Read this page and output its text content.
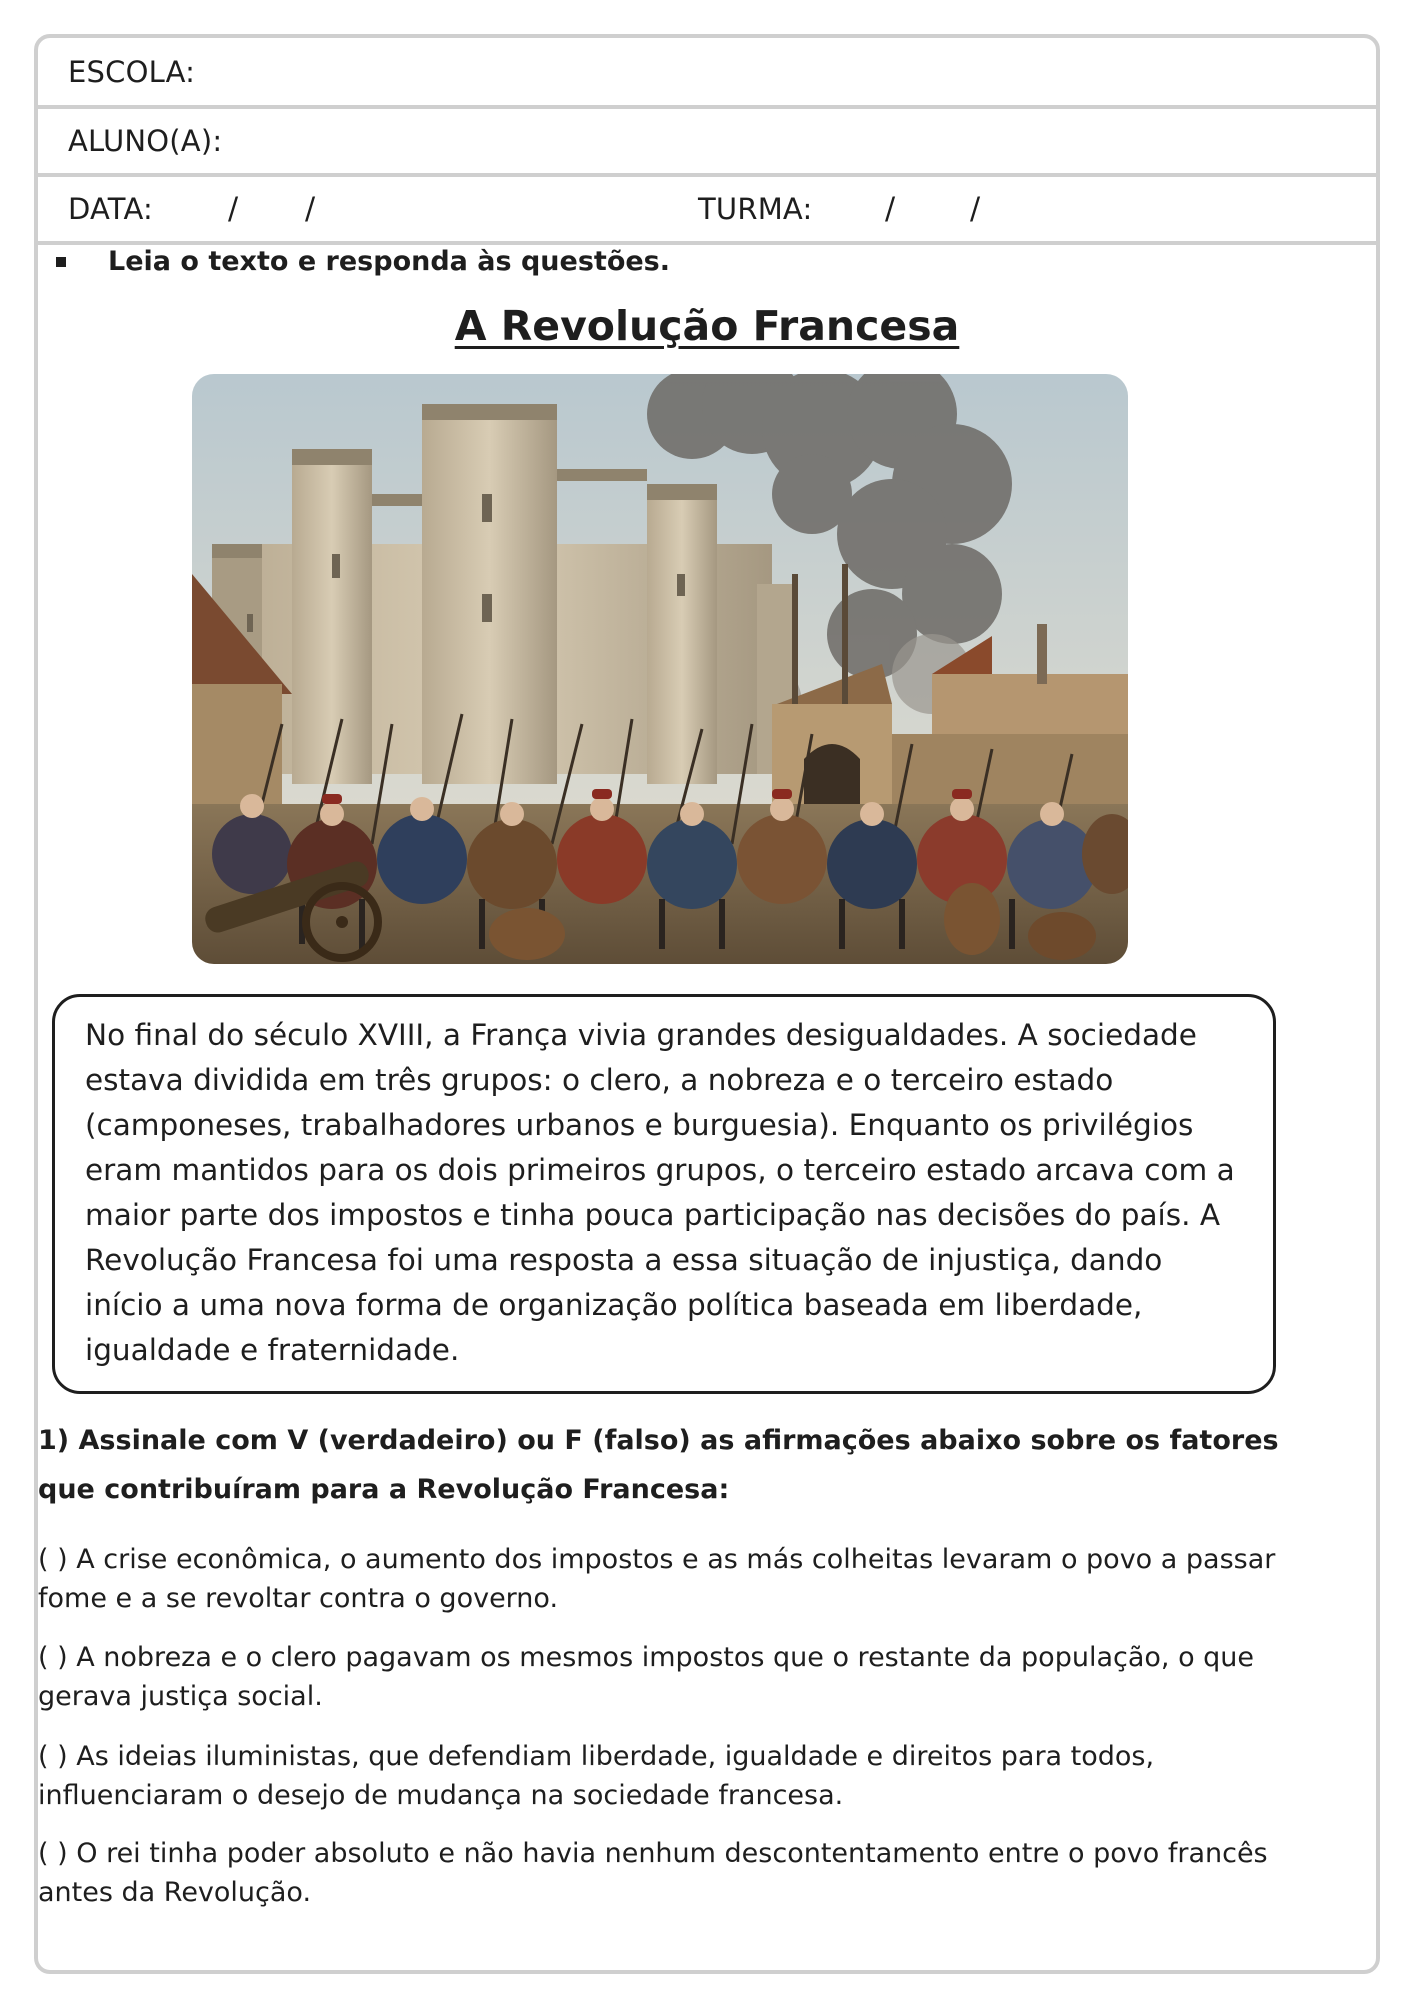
ESCOLA:
ALUNO(A):
DATA:	/ /	TURMA: / /
Leia o texto e responda às questões.
A Revolução Francesa
No final do século XVIII, a França vivia grandes desigualdades. A sociedade estava dividida em três grupos: o clero, a nobreza e o terceiro estado (camponeses, trabalhadores urbanos e burguesia). Enquanto os privilégios eram mantidos para os dois primeiros grupos, o terceiro estado arcava com a maior parte dos impostos e tinha pouca participação nas decisões do país. A Revolução Francesa foi uma resposta a essa situação de injustiça, dando início a uma nova forma de organização política baseada em liberdade, igualdade e fraternidade.
1) Assinale com V (verdadeiro) ou F (falso) as afirmações abaixo sobre os fatores que contribuíram para a Revolução Francesa:
( ) A crise econômica, o aumento dos impostos e as más colheitas levaram o povo a passar fome e a se revoltar contra o governo.
( ) A nobreza e o clero pagavam os mesmos impostos que o restante da população, o que gerava justiça social.
( ) As ideias iluministas, que defendiam liberdade, igualdade e direitos para todos, influenciaram o desejo de mudança na sociedade francesa.
( ) O rei tinha poder absoluto e não havia nenhum descontentamento entre o povo francês antes da Revolução.
